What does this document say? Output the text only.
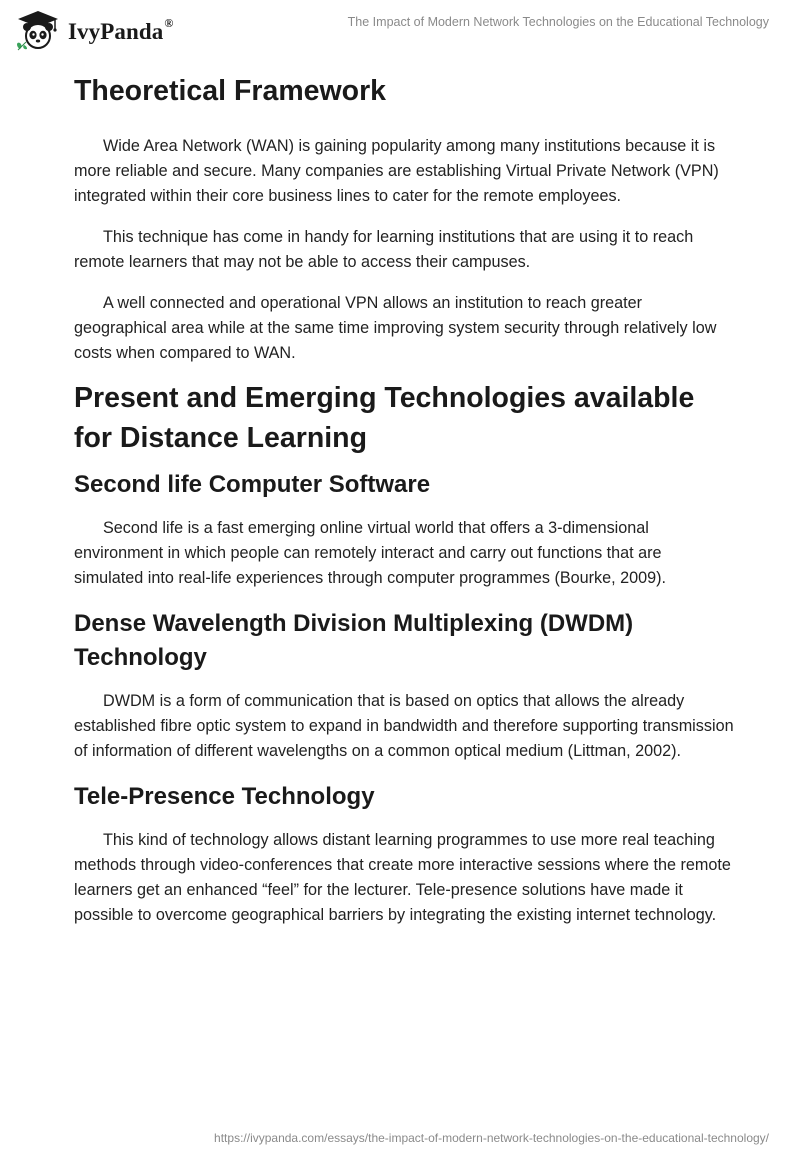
IvyPanda®	The Impact of Modern Network Technologies on the Educational Technology
Theoretical Framework

Wide Area Network (WAN) is gaining popularity among many institutions because it is more reliable and secure. Many companies are establishing Virtual Private Network (VPN) integrated within their core business lines to cater for the remote employees.

This technique has come in handy for learning institutions that are using it to reach remote learners that may not be able to access their campuses.

A well connected and operational VPN allows an institution to reach greater geographical area while at the same time improving system security through relatively low costs when compared to WAN.

Present and Emerging Technologies available for Distance Learning
Second life Computer Software

Second life is a fast emerging online virtual world that offers a 3-dimensional environment in which people can remotely interact and carry out functions that are simulated into real-life experiences through computer programmes (Bourke, 2009).

Dense Wavelength Division Multiplexing (DWDM) Technology

DWDM is a form of communication that is based on optics that allows the already established fibre optic system to expand in bandwidth and therefore supporting transmission of information of different wavelengths on a common optical medium (Littman, 2002).

Tele-Presence Technology

This kind of technology allows distant learning programmes to use more real teaching methods through video-conferences that create more interactive sessions where the remote learners get an enhanced “feel” for the lecturer. Tele-presence solutions have made it possible to overcome geographical barriers by integrating the existing internet technology.

https://ivypanda.com/essays/the-impact-of-modern-network-technologies-on-the-educational-technology/
